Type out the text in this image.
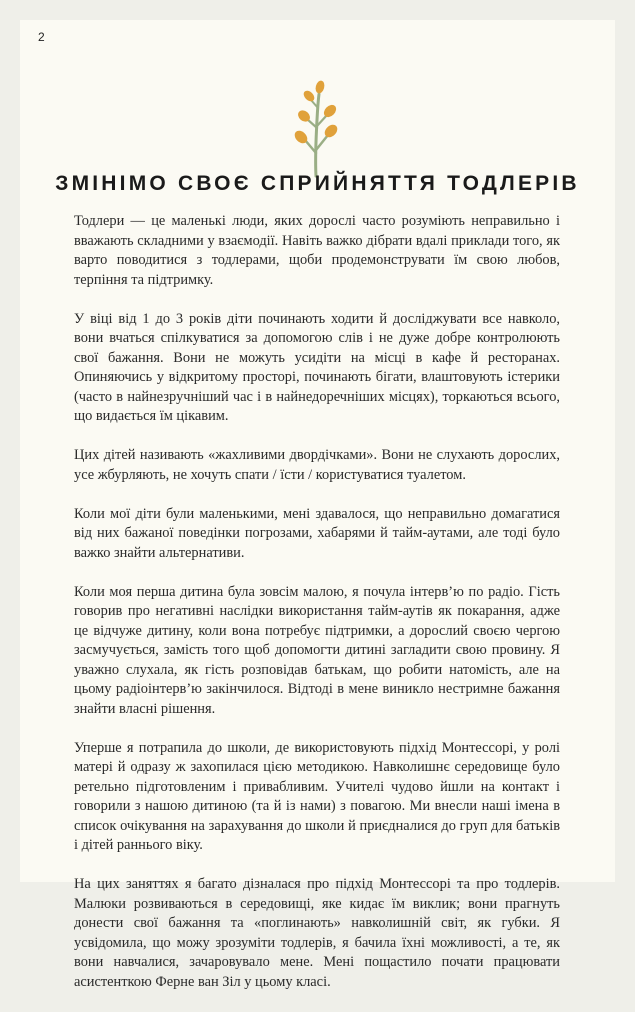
2
ЗМІНІМО СВОЄ СПРИЙНЯТТЯ ТОДЛЕРІВ

Тодлери — це маленькі люди, яких дорослі часто розуміють неправильно і вважають складними у взаємодії. Навіть важко дібрати вдалі приклади того, як варто поводитися з тодлерами, щоби продемонструвати їм свою любов, терпіння та підтримку.

У віці від 1 до 3 років діти починають ходити й досліджувати все навколо, вони вчаться спілкуватися за допомогою слів і не дуже добре контролюють свої бажання. Вони не можуть усидіти на місці в кафе й ресторанах. Опиняючись у відкритому просторі, починають бігати, влаштовують істерики (часто в найнезручніший час і в найнедоречніших місцях), торкаються всього, що видається їм цікавим.

Цих дітей називають «жахливими двордічками». Вони не слухають дорослих, усе жбурляють, не хочуть спати / їсти / користуватися туалетом.

Коли мої діти були маленькими, мені здавалося, що неправильно домагатися від них бажаної поведінки погрозами, хабарями й тайм-аутами, але тоді було важко знайти альтернативи.

Коли моя перша дитина була зовсім малою, я почула інтерв’ю по радіо. Гість говорив про негативні наслідки використання тайм-аутів як покарання, адже це відчуже дитину, коли вона потребує підтримки, а дорослий своєю чергою засмучується, замість того щоб допомогти дитині загладити свою провину. Я уважно слухала, як гість розповідав батькам, що робити натомість, але на цьому радіоінтерв’ю закінчилося. Відтоді в мене виникло нестримне бажання знайти власні рішення.

Уперше я потрапила до школи, де використовують підхід Монтессорі, у ролі матері й одразу ж захопилася цією методикою. Навколишнє середовище було ретельно підготовленим і привабливим. Учителі чудово йшли на контакт і говорили з нашою дитиною (та й із нами) з повагою. Ми внесли наші імена в список очікування на зарахування до школи й приєдналися до груп для батьків і дітей раннього віку.

На цих заняттях я багато дізналася про підхід Монтессорі та про тодлерів. Малюки розвиваються в середовищі, яке кидає їм виклик; вони прагнуть донести свої бажання та «поглинають» навколишній світ, як губки. Я усвідомила, що можу зрозуміти тодлерів, я бачила їхні можливості, а те, як вони навчалися, зачаровувало мене. Мені пощастило почати працювати асистенткою Ферне ван Зіл у цьому класі.
